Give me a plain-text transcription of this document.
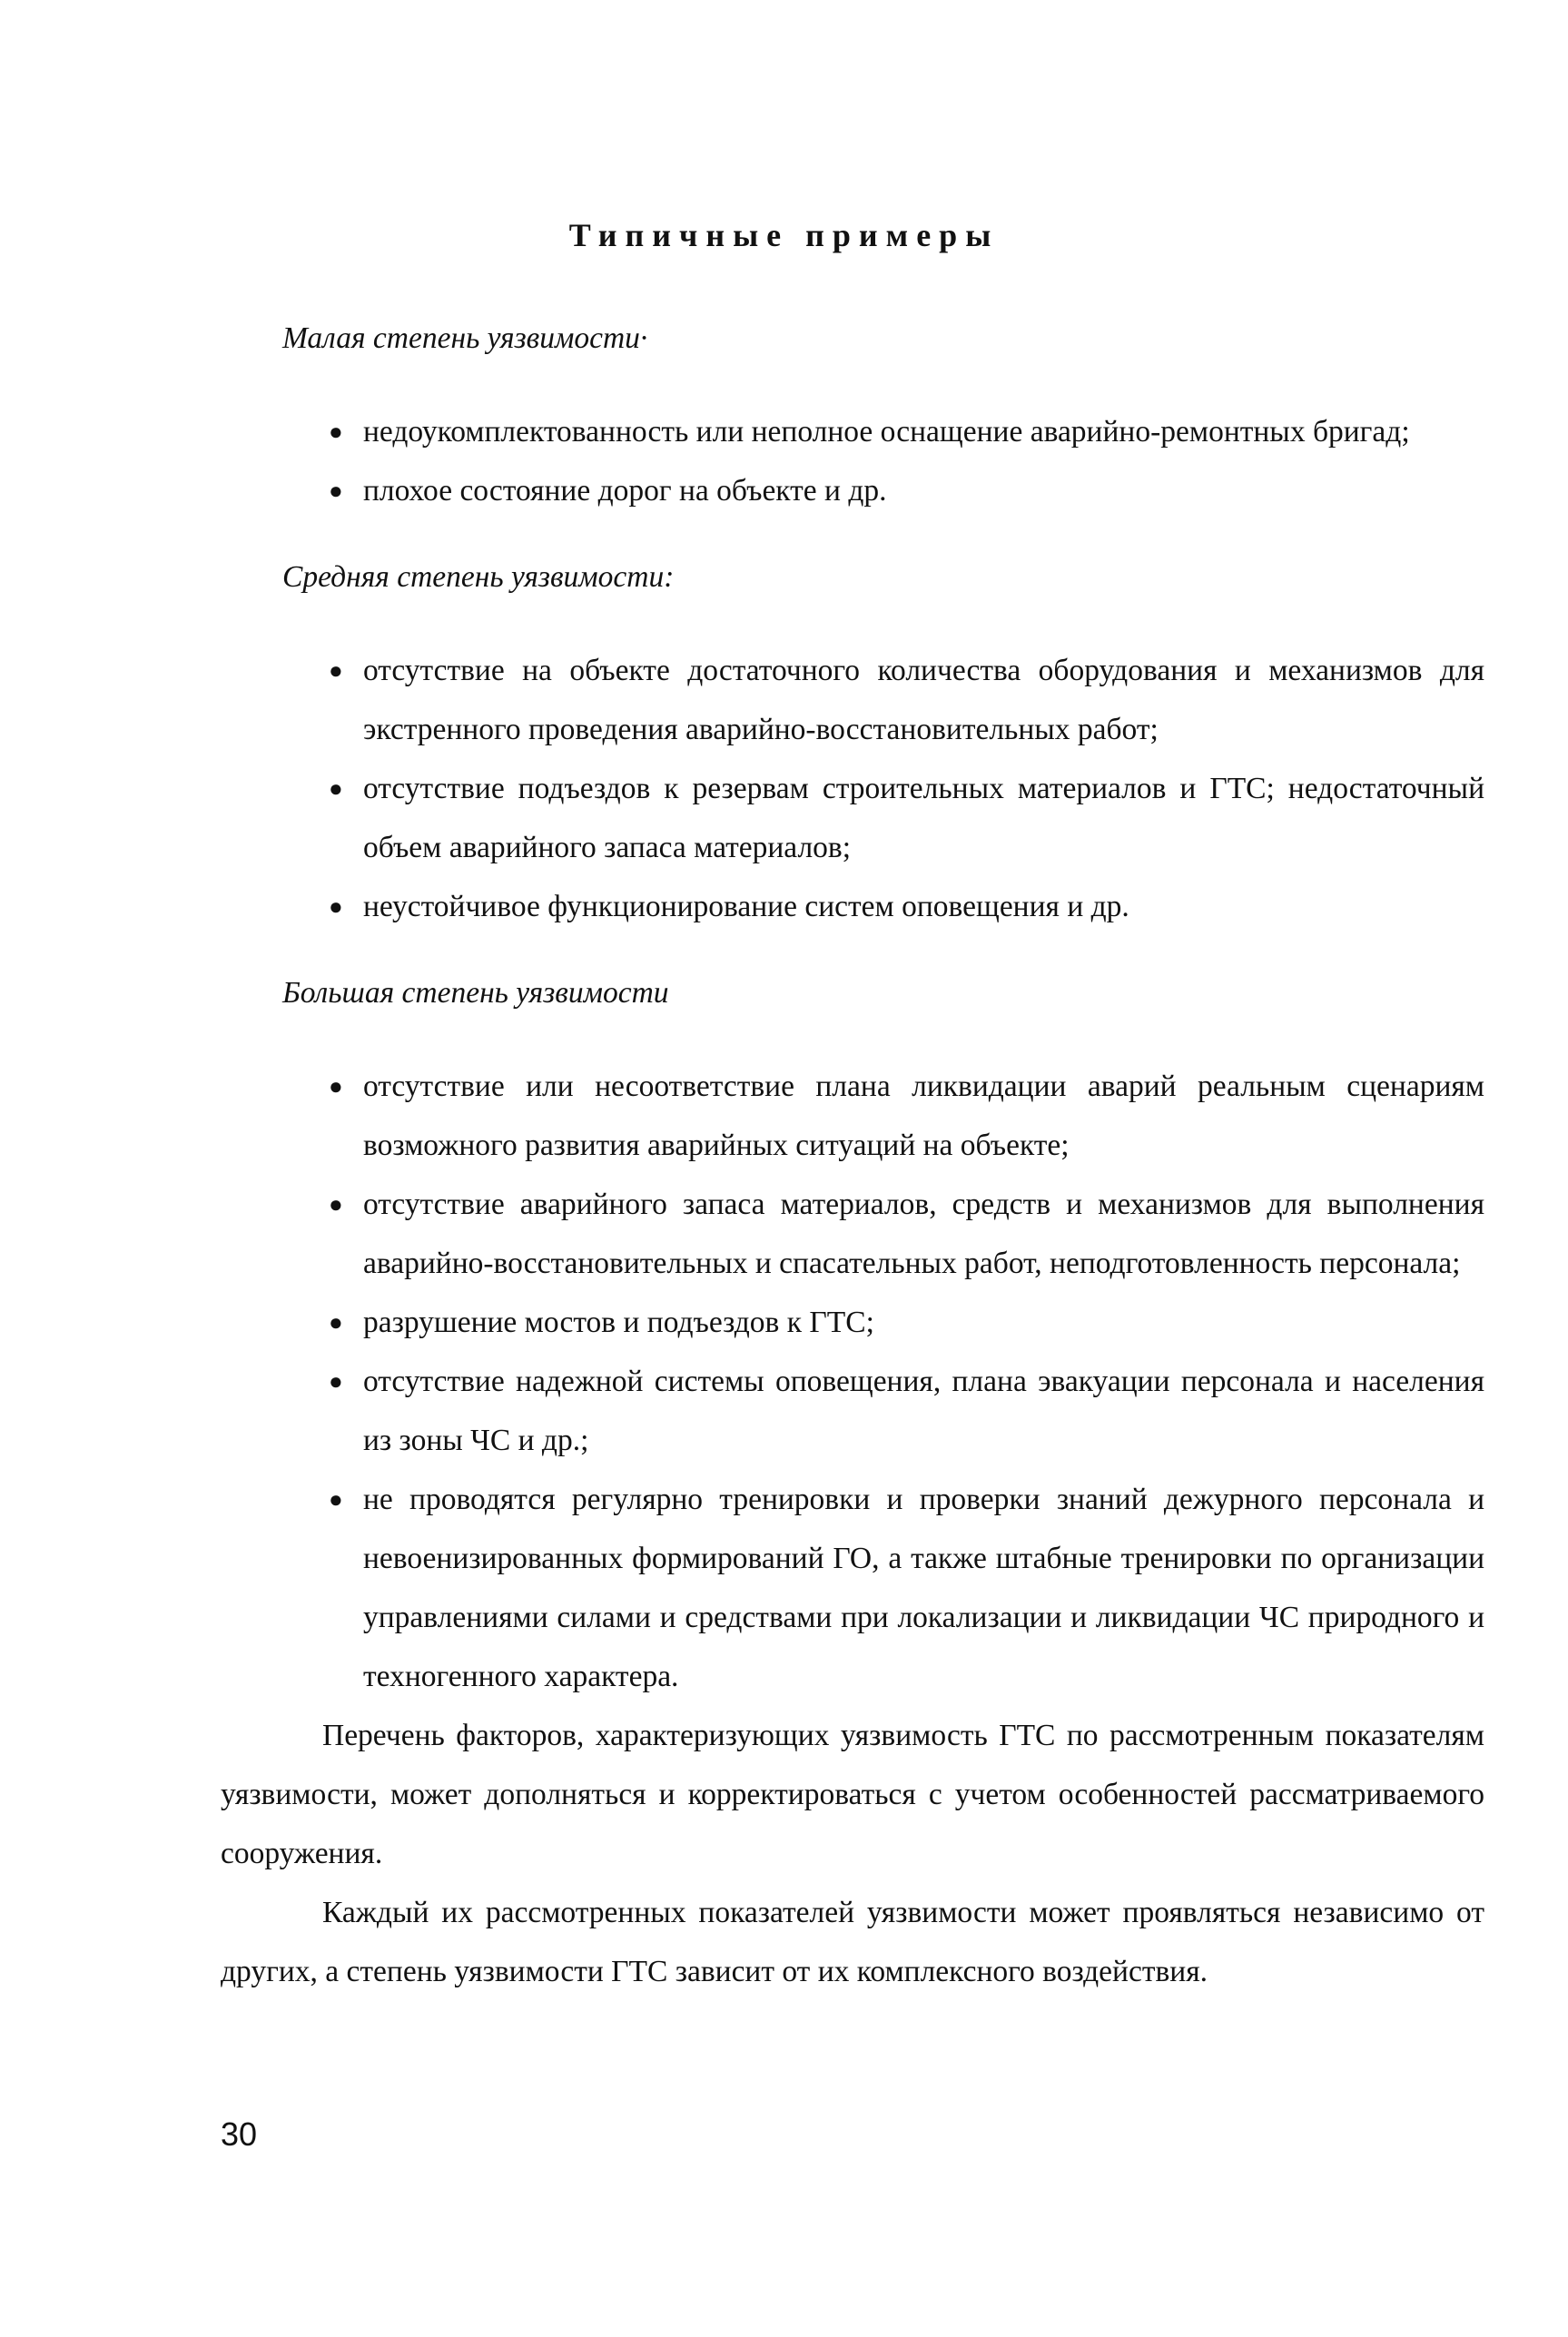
Типичные примеры

Малая степень уязвимости·

● недоукомплектованность или неполное оснащение аварийно-ремонтных бригад;
● плохое состояние дорог на объекте и др.

Средняя степень уязвимости:

● отсутствие на объекте достаточного количества оборудования и механизмов для экстренного проведения аварийно-восстановительных работ;
● отсутствие подъездов к резервам строительных материалов и ГТС; недостаточный объем аварийного запаса материалов;
● неустойчивое функционирование систем оповещения и др.

Большая степень уязвимости

● отсутствие или несоответствие плана ликвидации аварий реальным сценариям возможного развития аварийных ситуаций на объекте;
● отсутствие аварийного запаса материалов, средств и механизмов для выполнения аварийно-восстановительных и спасательных работ, неподготовленность персонала;
● разрушение мостов и подъездов к ГТС;
● отсутствие надежной системы оповещения, плана эвакуации персонала и населения из зоны ЧС и др.;
● не проводятся регулярно тренировки и проверки знаний дежурного персонала и невоенизированных формирований ГО, а также штабные тренировки по организации управлениями силами и средствами при локализации и ликвидации ЧС природного и техногенного характера.

Перечень факторов, характеризующих уязвимость ГТС по рассмотренным показателям уязвимости, может дополняться и корректироваться с учетом особенностей рассматриваемого сооружения.

Каждый их рассмотренных показателей уязвимости может проявляться независимо от других, а степень уязвимости ГТС зависит от их комплексного воздействия.

30
